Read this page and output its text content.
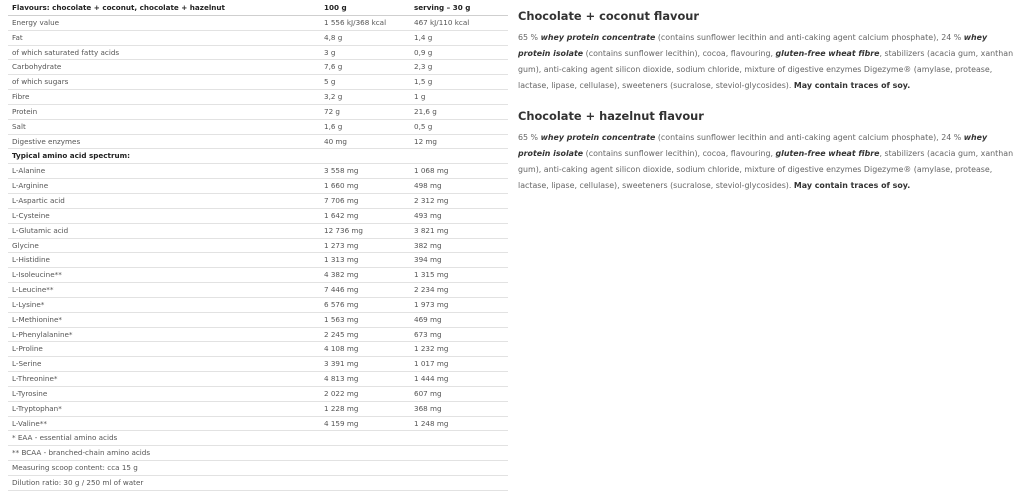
Flavours: chocolate + coconut, chocolate + hazelnut	100 g	serving – 30 g
Energy value	1 556 kJ/368 kcal	467 kJ/110 kcal
Fat	4,8 g	1,4 g
of which saturated fatty acids	3 g	0,9 g
Carbohydrate	7,6 g	2,3 g
of which sugars	5 g	1,5 g
Fibre	3,2 g	1 g
Protein	72 g	21,6 g
Salt	1,6 g	0,5 g
Digestive enzymes	40 mg	12 mg
Typical amino acid spectrum:		
L-Alanine	3 558 mg	1 068 mg
L-Arginine	1 660 mg	498 mg
L-Aspartic acid	7 706 mg	2 312 mg
L-Cysteine	1 642 mg	493 mg
L-Glutamic acid	12 736 mg	3 821 mg
Glycine	1 273 mg	382 mg
L-Histidine	1 313 mg	394 mg
L-Isoleucine**	4 382 mg	1 315 mg
L-Leucine**	7 446 mg	2 234 mg
L-Lysine*	6 576 mg	1 973 mg
L-Methionine*	1 563 mg	469 mg
L-Phenylalanine*	2 245 mg	673 mg
L-Proline	4 108 mg	1 232 mg
L-Serine	3 391 mg	1 017 mg
L-Threonine*	4 813 mg	1 444 mg
L-Tyrosine	2 022 mg	607 mg
L-Tryptophan*	1 228 mg	368 mg
L-Valine**	4 159 mg	1 248 mg
* EAA - essential amino acids		
** BCAA - branched-chain amino acids		
Measuring scoop content: cca 15 g		
Dilution ratio: 30 g / 250 ml of water		
Chocolate + coconut flavour
65 % whey protein concentrate (contains sunflower lecithin and anti-caking agent calcium phosphate), 24 % whey protein isolate (contains sunflower lecithin), cocoa, flavouring, gluten-free wheat fibre, stabilizers (acacia gum, xanthan gum), anti-caking agent silicon dioxide, sodium chloride, mixture of digestive enzymes Digezyme® (amylase, protease, lactase, lipase, cellulase), sweeteners (sucralose, steviol-glycosides). May contain traces of soy.
Chocolate + hazelnut flavour
65 % whey protein concentrate (contains sunflower lecithin and anti-caking agent calcium phosphate), 24 % whey protein isolate (contains sunflower lecithin), cocoa, flavouring, gluten-free wheat fibre, stabilizers (acacia gum, xanthan gum), anti-caking agent silicon dioxide, sodium chloride, mixture of digestive enzymes Digezyme® (amylase, protease, lactase, lipase, cellulase), sweeteners (sucralose, steviol-glycosides). May contain traces of soy.
